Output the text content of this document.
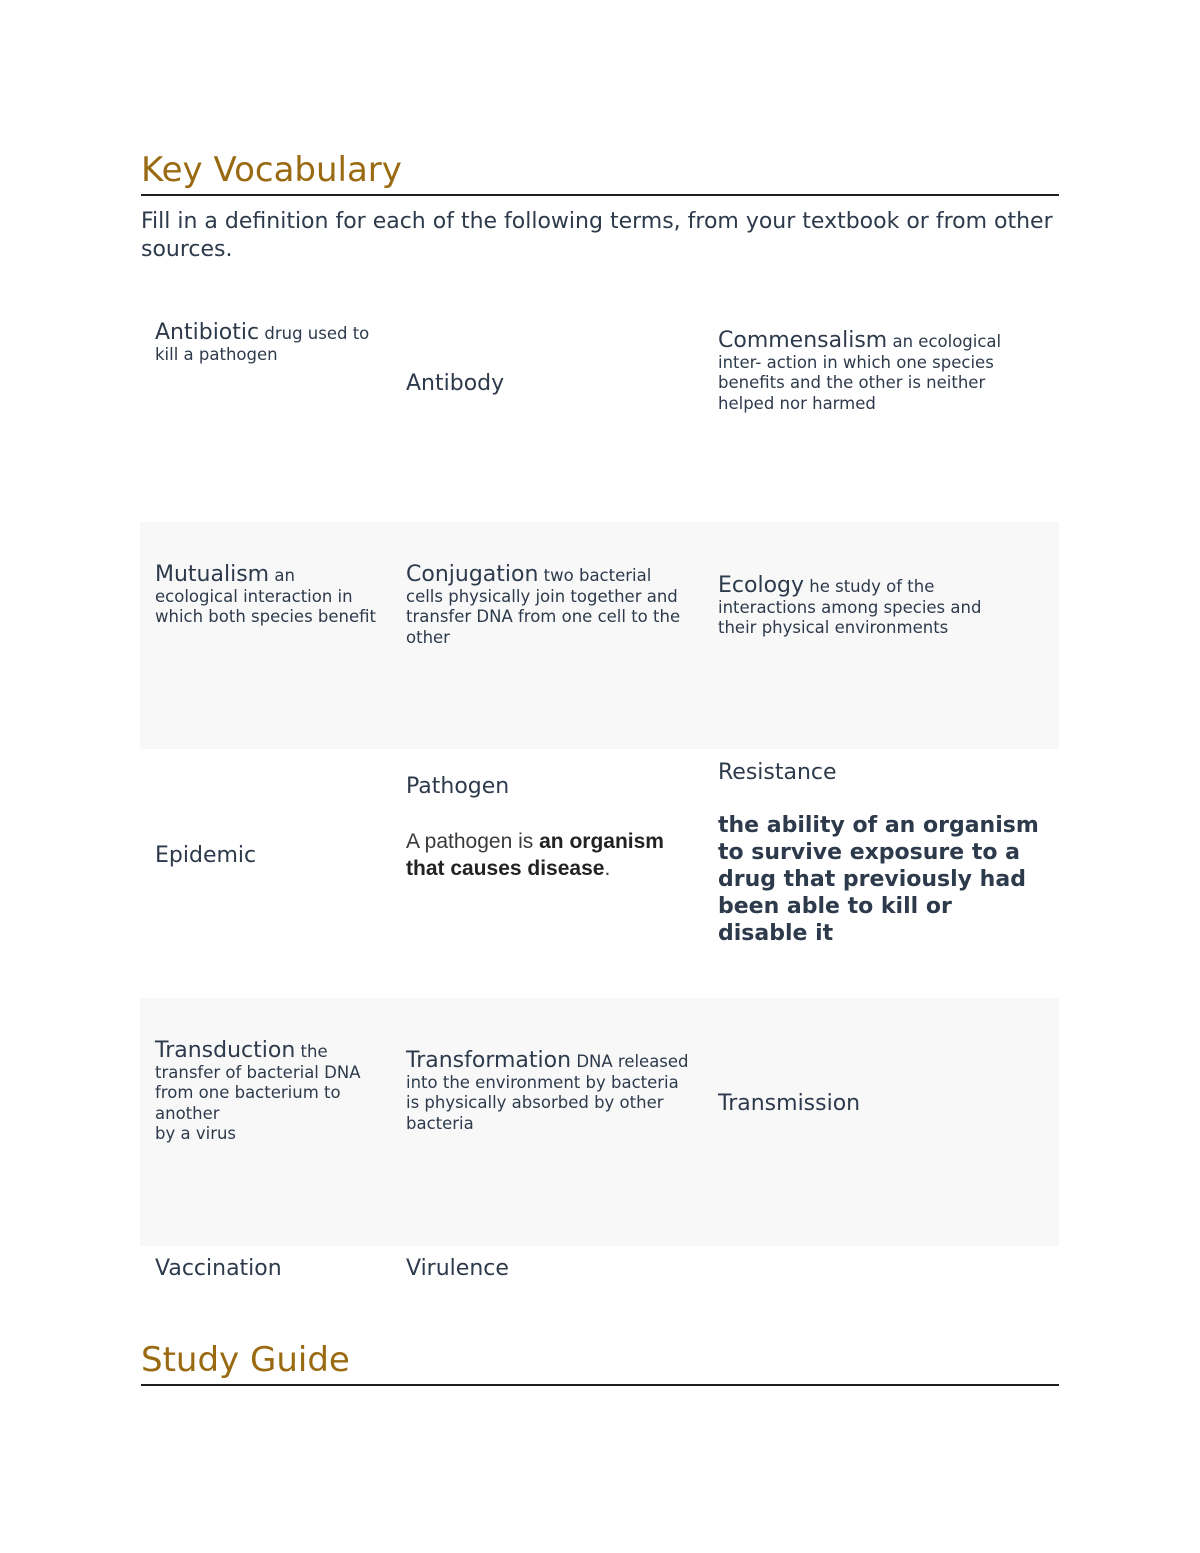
Key Vocabulary

Fill in a definition for each of the following terms, from your textbook or from other sources.

Antibiotic drug used to kill a pathogen
Antibody
Commensalism an ecological inter- action in which one species benefits and the other is neither helped nor harmed
Mutualism an ecological interaction in which both species benefit
Conjugation two bacterial cells physically join together and transfer DNA from one cell to the other
Ecology he study of the interactions among species and their physical environments
Epidemic
Pathogen
A pathogen is an organism that causes disease.
Resistance
the ability of an organism to survive exposure to a drug that previously had been able to kill or disable it
Transduction the transfer of bacterial DNA from one bacterium to another
by a virus
Transformation DNA released into the environment by bacteria is physically absorbed by other bacteria
Transmission
Vaccination	Virulence
Study Guide
